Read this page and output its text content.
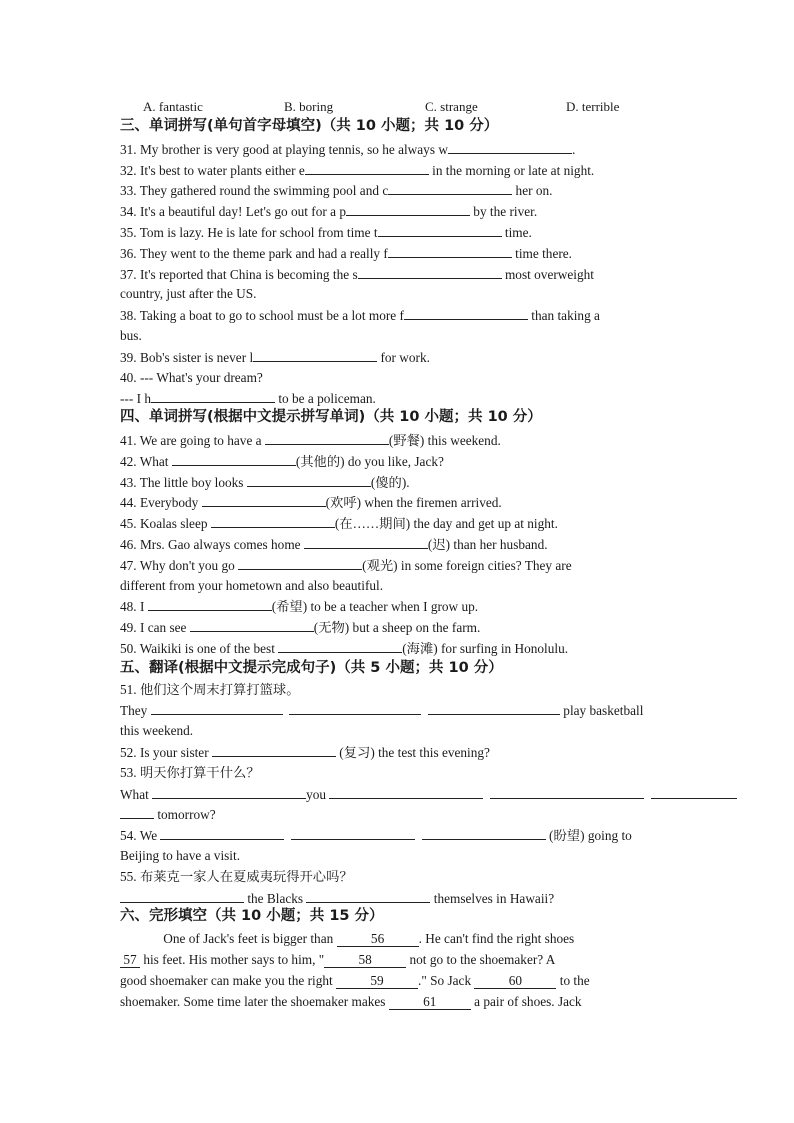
A. fantastic	B. boring	C. strange	D. terrible
三、单词拼写(单句首字母填空)（共 10 小题；共 10 分）
31. My brother is very good at playing tennis, so he always w	.
32. It's best to water plants either e	in the morning or late at night.
33. They gathered round the swimming pool and c	her on.
34. It's a beautiful day! Let's go out for a p	by the river.
35. Tom is lazy. He is late for school from time t	time.
36. They went to the theme park and had a really f	time there.
37. It's reported that China is becoming the s	most overweight
country, just after the US.
38. Taking a boat to go to school must be a lot more f	than taking a
bus.
39. Bob's sister is never l	for work.
40. --- What's your dream?
--- I h	to be a policeman.
四、单词拼写(根据中文提示拼写单词)（共 10 小题；共 10 分）
41. We are going to have a	(野餐) this weekend.
42. What	(其他的) do you like, Jack?
43. The little boy looks	(傻的).
44. Everybody	(欢呼) when the firemen arrived.
45. Koalas sleep	(在……期间) the day and get up at night.
46. Mrs. Gao always comes home	(迟) than her husband.
47. Why don't you go	(观光) in some foreign cities? They are
different from your hometown and also beautiful.
48. I	(希望) to be a teacher when I grow up.
49. I can see	(无物) but a sheep on the farm.
50. Waikiki is one of the best	(海滩) for surfing in Honolulu.
五、翻译(根据中文提示完成句子)（共 5 小题；共 10 分）
51. 他们这个周末打算打篮球。
They	play basketball
this weekend.
52. Is your sister	(复习) the test this evening?
53. 明天你打算干什么？
What	you
tomorrow?
54. We	(盼望) going to
Beijing to have a visit.
55. 布莱克一家人在夏威夷玩得开心吗？
the Blacks	themselves in Hawaii?
六、完形填空（共 10 小题；共 15 分）
One of Jack's feet is bigger than	56	. He can't find the right shoes
57 his feet. His mother says to him, "	58	not go to the shoemaker? A
good shoemaker can make you the right	59	." So Jack	60	to the
shoemaker. Some time later the shoemaker makes	61	a pair of shoes. Jack
